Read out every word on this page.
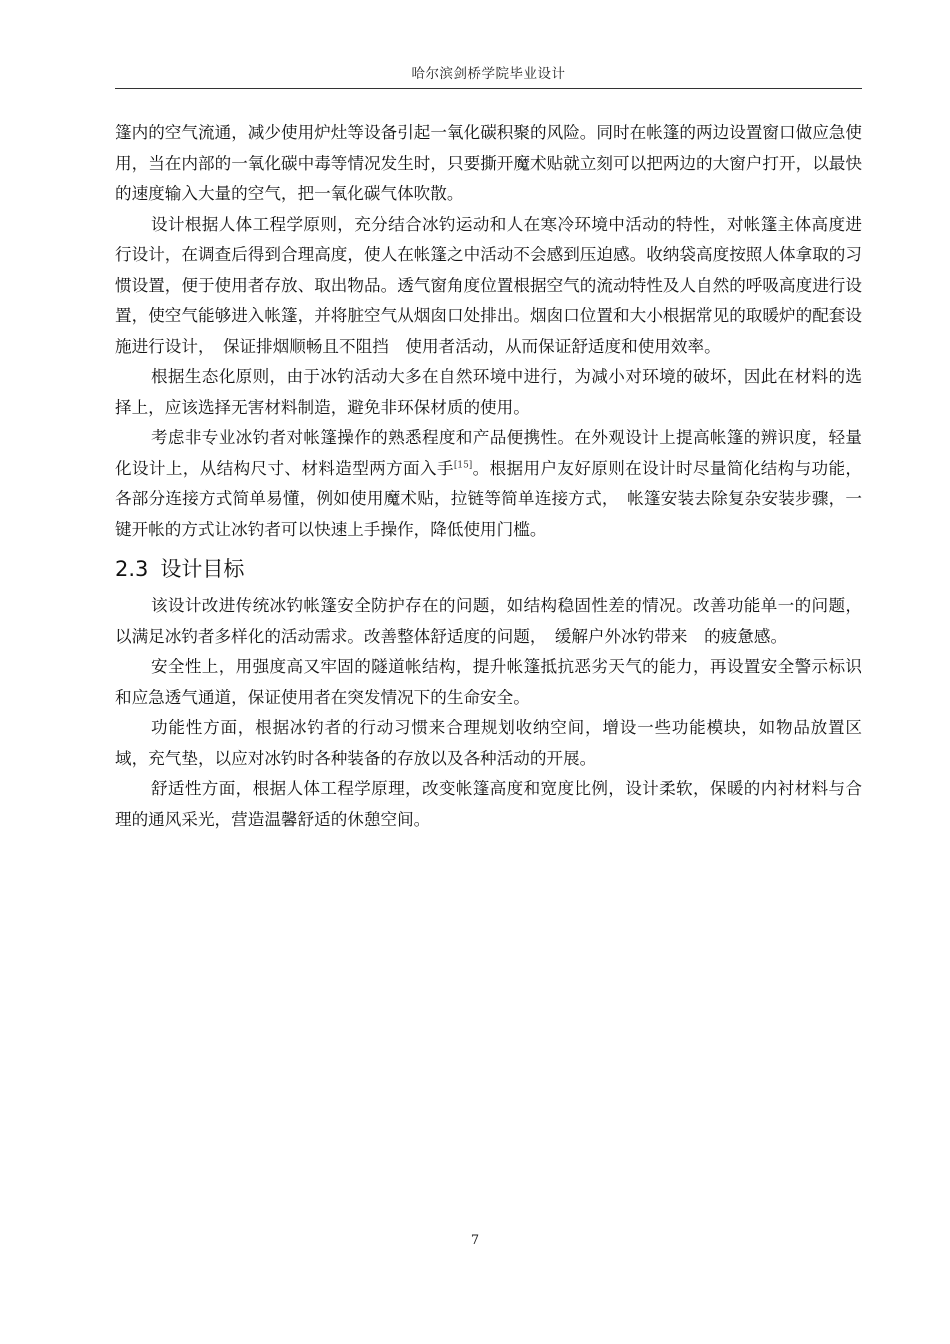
哈尔滨剑桥学院毕业设计

篷内的空气流通，减少使用炉灶等设备引起一氧化碳积聚的风险。同时在帐篷的两边设置窗口做应急使用，当在内部的一氧化碳中毒等情况发生时，只要撕开魔术贴就立刻可以把两边的大窗户打开，以最快的速度输入大量的空气，把一氧化碳气体吹散。

设计根据人体工程学原则，充分结合冰钓运动和人在寒冷环境中活动的特性，对帐篷主体高度进行设计，在调查后得到合理高度，使人在帐篷之中活动不会感到压迫感。收纳袋高度按照人体拿取的习惯设置，便于使用者存放、取出物品。透气窗角度位置根据空气的流动特性及人自然的呼吸高度进行设置，使空气能够进入帐篷，并将脏空气从烟囱口处排出。烟囱口位置和大小根据常见的取暖炉的配套设施进行设计，　保证排烟顺畅且不阻挡　使用者活动，从而保证舒适度和使用效率。

根据生态化原则，由于冰钓活动大多在自然环境中进行，为减小对环境的破坏，因此在材料的选择上，应该选择无害材料制造，避免非环保材质的使用。

考虑非专业冰钓者对帐篷操作的熟悉程度和产品便携性。在外观设计上提高帐篷的辨识度，轻量化设计上，从结构尺寸、材料造型两方面入手[15]。根据用户友好原则在设计时尽量简化结构与功能，各部分连接方式简单易懂，例如使用魔术贴，拉链等简单连接方式，　帐篷安装去除复杂安装步骤，一键开帐的方式让冰钓者可以快速上手操作，降低使用门槛。

2.3 设计目标

该设计改进传统冰钓帐篷安全防护存在的问题，如结构稳固性差的情况。改善功能单一的问题，以满足冰钓者多样化的活动需求。改善整体舒适度的问题，　缓解户外冰钓带来　的疲惫感。

安全性上，用强度高又牢固的隧道帐结构，提升帐篷抵抗恶劣天气的能力，再设置安全警示标识和应急透气通道，保证使用者在突发情况下的生命安全。

功能性方面，根据冰钓者的行动习惯来合理规划收纳空间，增设一些功能模块，如物品放置区域，充气垫，以应对冰钓时各种装备的存放以及各种活动的开展。

舒适性方面，根据人体工程学原理，改变帐篷高度和宽度比例，设计柔软，保暖的内衬材料与合理的通风采光，营造温馨舒适的休憩空间。

7
